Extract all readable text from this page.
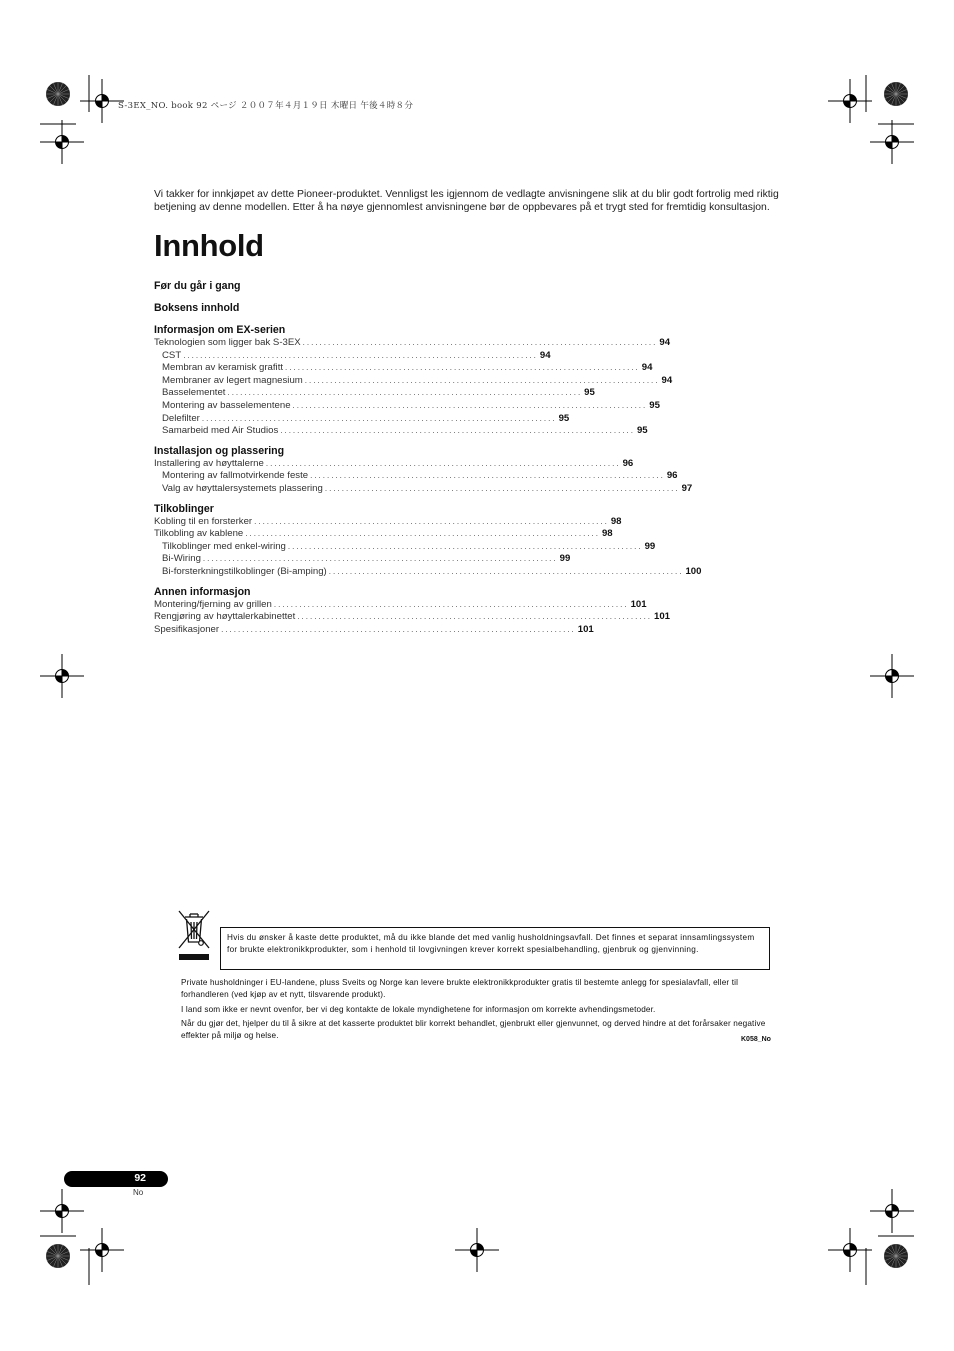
S-3EX_NO. book 92 ページ ２００７年４月１９日 木曜日 午後４時８分

Vi takker for innkjøpet av dette Pioneer-produktet. Vennligst les igjennom de vedlagte anvisningene slik at du blir godt fortrolig med riktig

betjening av denne modellen. Etter å ha nøye gjennomlest anvisningene bør de oppbevares på et trygt sted for fremtidig konsultasjon.

Innhold
Før du går i gang
Boksens innhold
Informasjon om EX-serien
Teknologien som ligger bak S-3EX .................................................................................... 94
CST .................................................................................... 94
Membran av keramisk grafitt .................................................................................... 94
Membraner av legert magnesium .................................................................................... 94
Basselementet .................................................................................... 95
Montering av basselementene .................................................................................... 95
Delefilter .................................................................................... 95
Samarbeid med Air Studios .................................................................................... 95
Installasjon og plassering
Installering av høyttalerne .................................................................................... 96
Montering av fallmotvirkende feste .................................................................................... 96
Valg av høyttalersystemets plassering .................................................................................... 97
Tilkoblinger
Kobling til en forsterker .................................................................................... 98
Tilkobling av kablene .................................................................................... 98
Tilkoblinger med enkel-wiring .................................................................................... 99
Bi-Wiring .................................................................................... 99
Bi-forsterkningstilkoblinger (Bi-amping) .................................................................................... 100
Annen informasjon
Montering/fjerning av grillen .................................................................................... 101
Rengjøring av høyttalerkabinettet .................................................................................... 101
Spesifikasjoner .................................................................................... 101
Hvis du ønsker å kaste dette produktet, må du ikke blande det med vanlig husholdningsavfall. Det finnes et separat innsamlingssystem for brukte elektronikkprodukter, som i henhold til lovgivningen krever korrekt spesialbehandling, gjenbruk og gjenvinning.
Private husholdninger i EU-landene, pluss Sveits og Norge kan levere brukte elektronikkprodukter gratis til bestemte anlegg for spesialavfall, eller til forhandleren (ved kjøp av et nytt, tilsvarende produkt).
I land som ikke er nevnt ovenfor, ber vi deg kontakte de lokale myndighetene for informasjon om korrekte avhendingsmetoder.
Når du gjør det, hjelper du til å sikre at det kasserte produktet blir korrekt behandlet, gjenbrukt eller gjenvunnet, og derved hindre at det forårsaker negative effekter på miljø og helse.	K058_No
92
No
